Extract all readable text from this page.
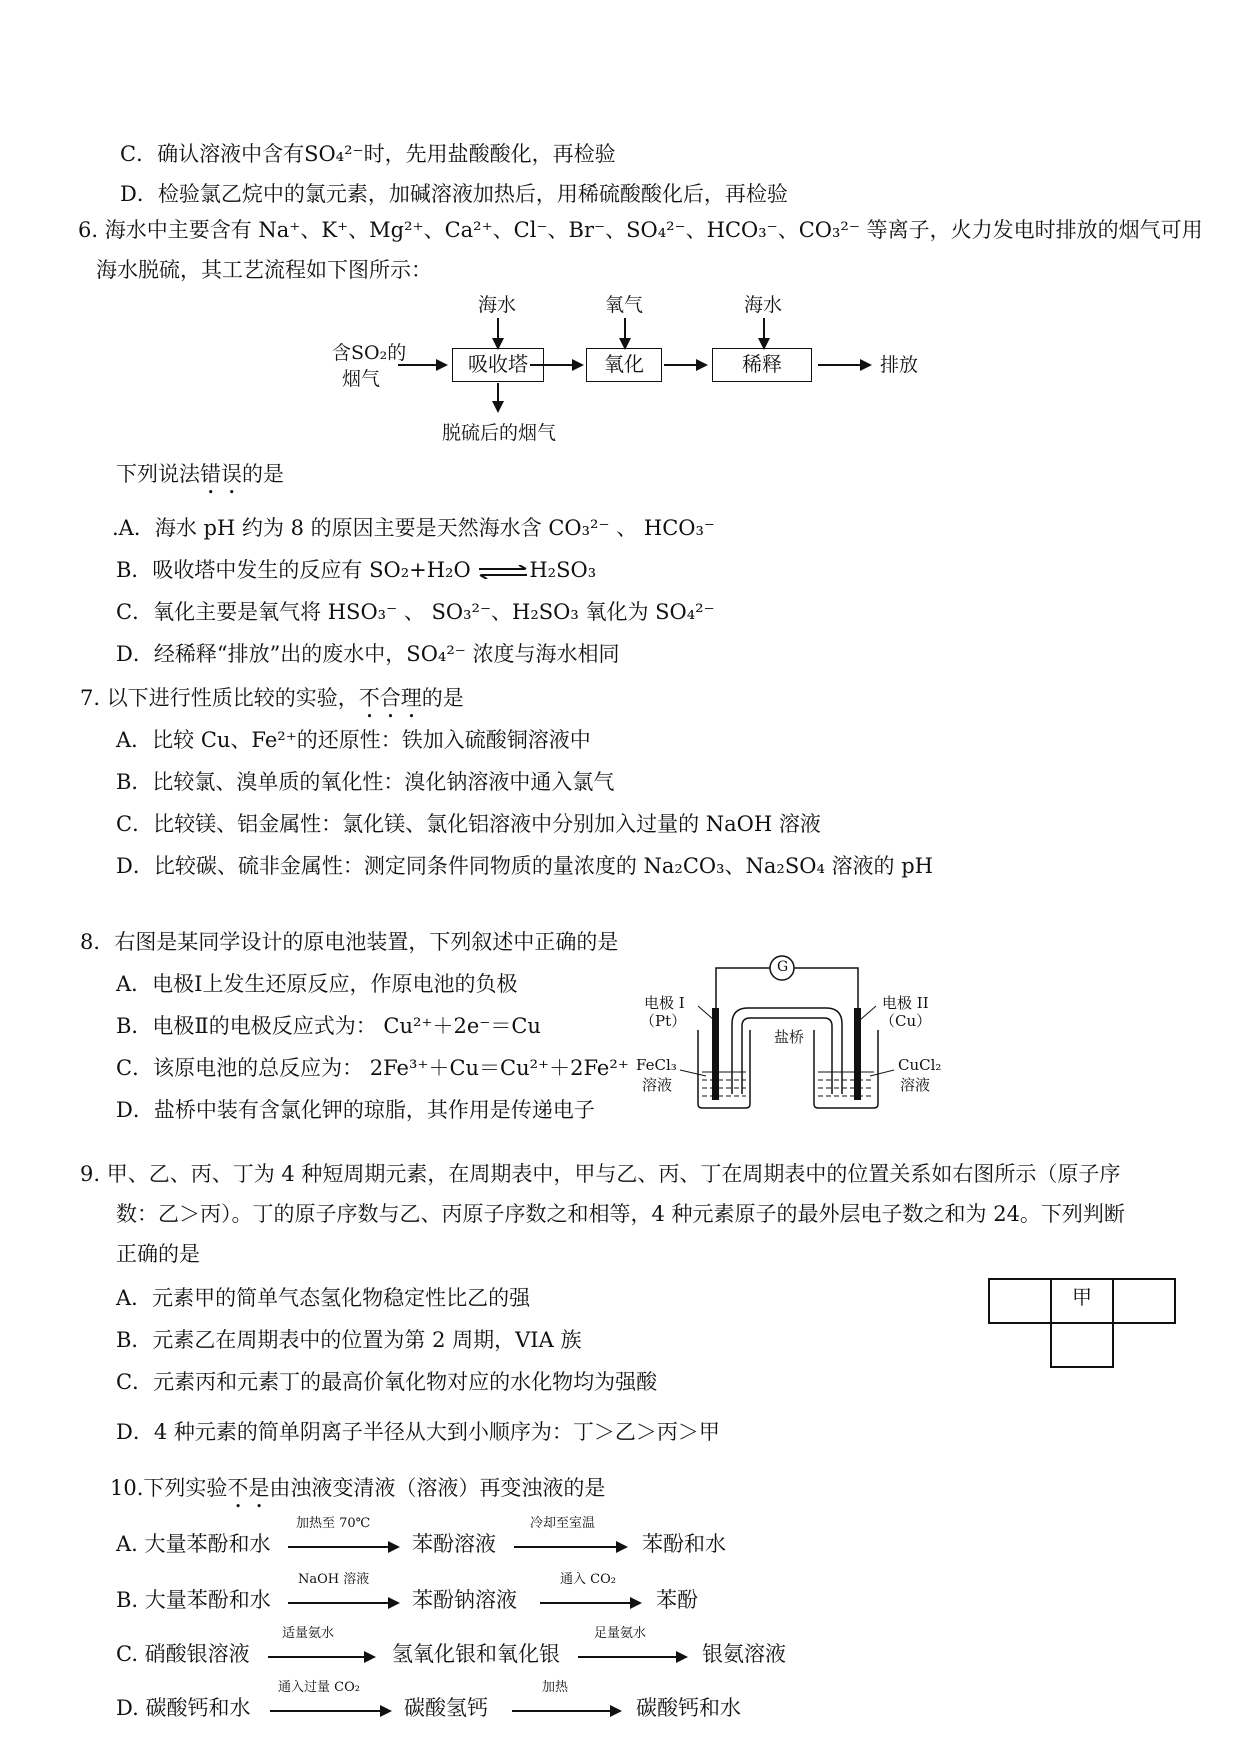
C．确认溶液中含有SO₄²⁻时，先用盐酸酸化，再检验
D．检验氯乙烷中的氯元素，加碱溶液加热后，用稀硫酸酸化后，再检验
6. 海水中主要含有 Na⁺、K⁺、Mg²⁺、Ca²⁺、Cl⁻、Br⁻、SO₄²⁻、HCO₃⁻、CO₃²⁻ 等离子，火力发电时排放的烟气可用
海水脱硫，其工艺流程如下图所示：
海水	氧气	海水
含SO₂的
烟气
吸收塔	氧化	稀释	排放
脱硫后的烟气
下列说法错误的是
.A．海水 pH 约为 8 的原因主要是天然海水含 CO₃²⁻ 、 HCO₃⁻
B．吸收塔中发生的反应有 SO₂+H₂O ⇌H₂SO₃
C．氧化主要是氧气将 HSO₃⁻ 、 SO₃²⁻、H₂SO₃ 氧化为 SO₄²⁻
D．经稀释“排放”出的废水中，SO₄²⁻ 浓度与海水相同
7. 以下进行性质比较的实验，不合理的是
A．比较 Cu、Fe²⁺的还原性：铁加入硫酸铜溶液中
B．比较氯、溴单质的氧化性：溴化钠溶液中通入氯气
C．比较镁、铝金属性：氯化镁、氯化铝溶液中分别加入过量的 NaOH 溶液
D．比较碳、硫非金属性：测定同条件同物质的量浓度的 Na₂CO₃、Na₂SO₄ 溶液的 pH
8．右图是某同学设计的原电池装置，下列叙述中正确的是
A．电极Ⅰ上发生还原反应，作原电池的负极
B．电极Ⅱ的电极反应式为： Cu²⁺＋2e⁻＝Cu
C．该原电池的总反应为： 2Fe³⁺＋Cu＝Cu²⁺＋2Fe²⁺
D．盐桥中装有含氯化钾的琼脂，其作用是传递电子
G
电极 I
（Pt）
电极 II
（Cu）
盐桥
FeCl₃
溶液
CuCl₂
溶液
9. 甲、乙、丙、丁为 4 种短周期元素，在周期表中，甲与乙、丙、丁在周期表中的位置关系如右图所示（原子序
数：乙＞丙）。丁的原子序数与乙、丙原子序数之和相等，4 种元素原子的最外层电子数之和为 24。下列判断
正确的是
A．元素甲的简单气态氢化物稳定性比乙的强
B．元素乙在周期表中的位置为第 2 周期，VIA 族
C．元素丙和元素丁的最高价氧化物对应的水化物均为强酸
D．4 种元素的简单阴离子半径从大到小顺序为：丁＞乙＞丙＞甲
	甲	

10.下列实验不是由浊液变清液（溶液）再变浊液的是
A. 大量苯酚和水
加热至 70℃
苯酚溶液
冷却至室温
苯酚和水
B. 大量苯酚和水
NaOH 溶液
苯酚钠溶液
通入 CO₂
苯酚
C. 硝酸银溶液
适量氨水
氢氧化银和氧化银
足量氨水
银氨溶液
D. 碳酸钙和水
通入过量 CO₂
碳酸氢钙
加热
碳酸钙和水
